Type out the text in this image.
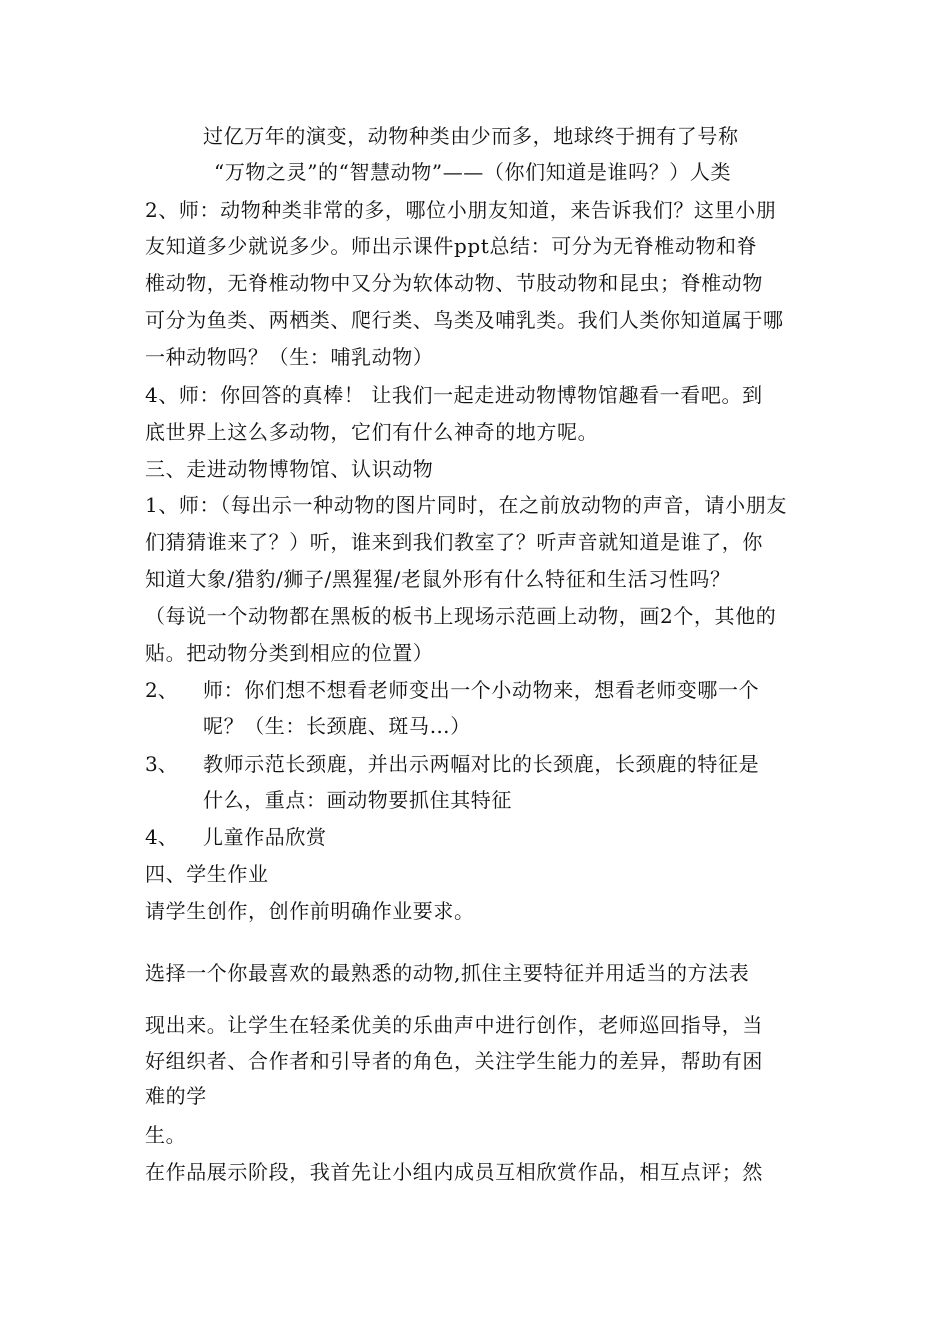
过亿万年的演变，动物种类由少而多，地球终于拥有了号称
“万物之灵”的“智慧动物”——（你们知道是谁吗？）人类
2、师：动物种类非常的多，哪位小朋友知道，来告诉我们？这里小朋
友知道多少就说多少。师出示课件ppt总结：可分为无脊椎动物和脊
椎动物，无脊椎动物中又分为软体动物、节肢动物和昆虫；脊椎动物
可分为鱼类、两栖类、爬行类、鸟类及哺乳类。我们人类你知道属于哪
一种动物吗？（生：哺乳动物）
4、师：你回答的真棒！ 让我们一起走进动物博物馆趣看一看吧。到
底世界上这么多动物，它们有什么神奇的地方呢。
三、走进动物博物馆、认识动物
1、师：（每出示一种动物的图片同时，在之前放动物的声音，请小朋友
们猜猜谁来了？）听，谁来到我们教室了？听声音就知道是谁了，你
知道大象/猎豹/狮子/黑猩猩/老鼠外形有什么特征和生活习性吗？
（每说一个动物都在黑板的板书上现场示范画上动物，画2个，其他的
贴。把动物分类到相应的位置）
2、 师：你们想不想看老师变出一个小动物来，想看老师变哪一个
呢？（生：长颈鹿、斑马…）
3、 教师示范长颈鹿，并出示两幅对比的长颈鹿，长颈鹿的特征是
什么，重点：画动物要抓住其特征
4、 儿童作品欣赏
四、学生作业
请学生创作，创作前明确作业要求。
选择一个你最喜欢的最熟悉的动物,抓住主要特征并用适当的方法表
现出来。让学生在轻柔优美的乐曲声中进行创作，老师巡回指导，当
好组织者、合作者和引导者的角色，关注学生能力的差异，帮助有困
难的学
生。
在作品展示阶段，我首先让小组内成员互相欣赏作品，相互点评；然
